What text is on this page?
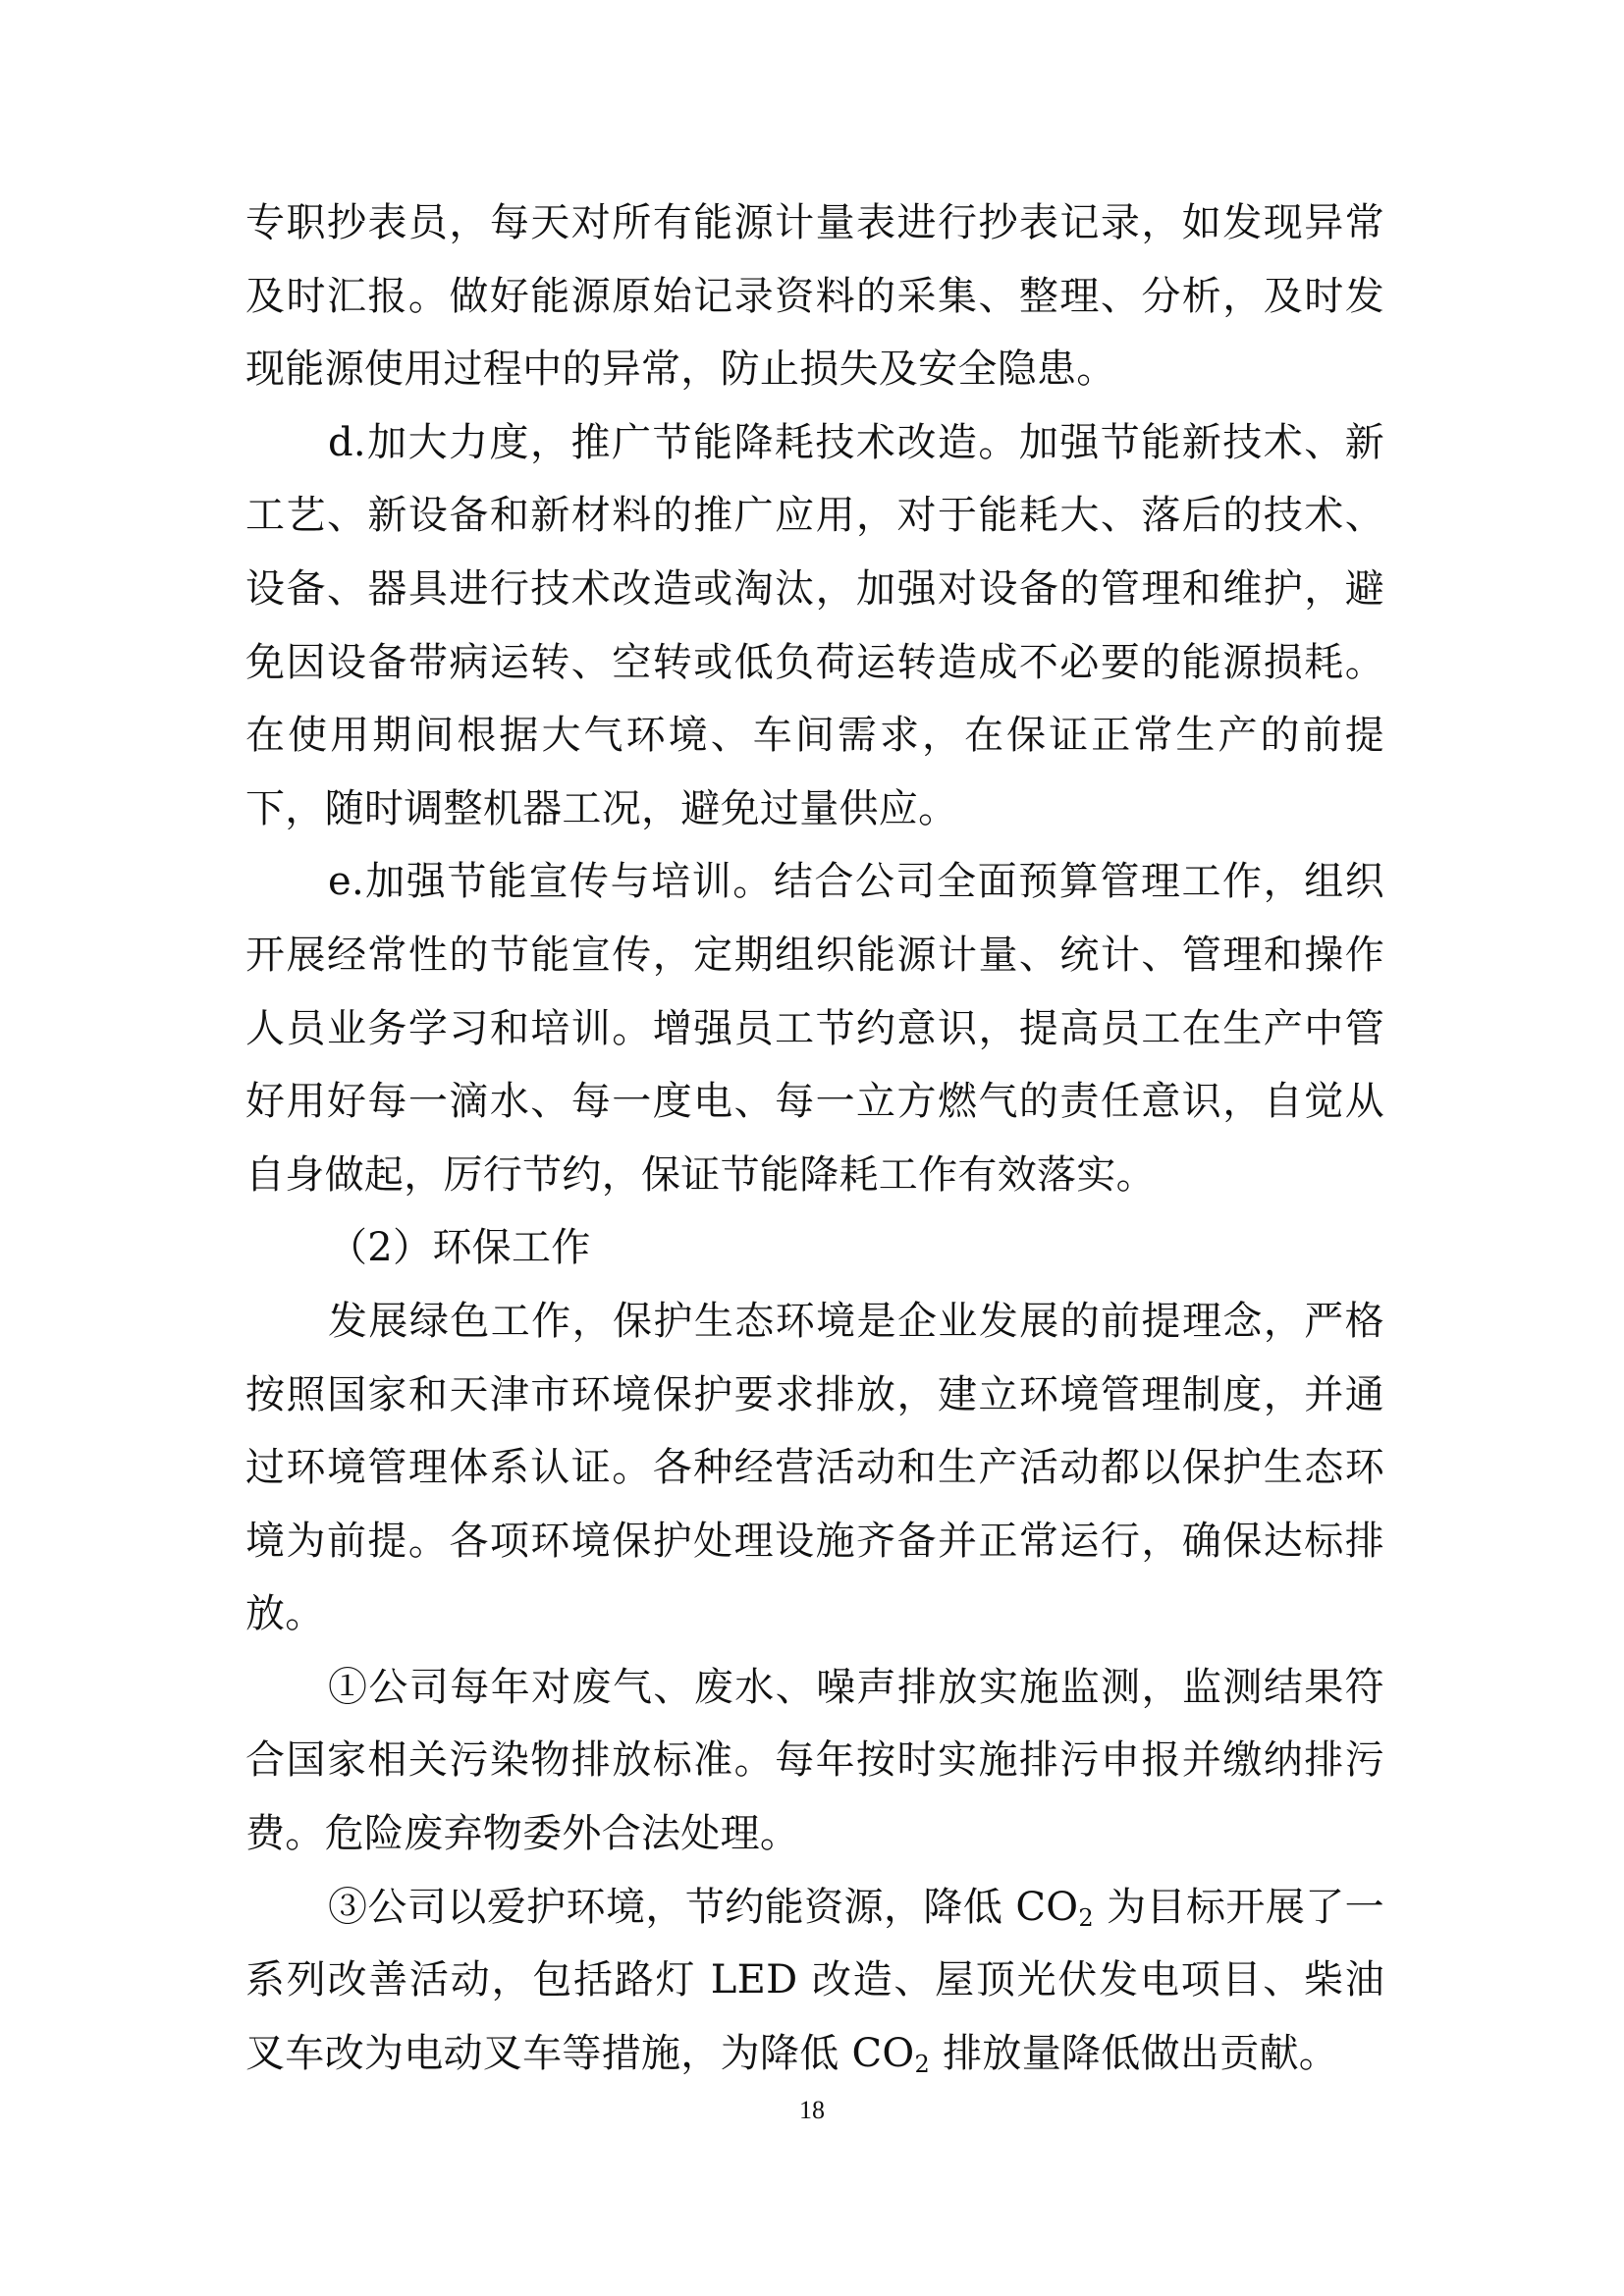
专职抄表员，每天对所有能源计量表进行抄表记录，如发现异常及时汇报。做好能源原始记录资料的采集、整理、分析，及时发现能源使用过程中的异常，防止损失及安全隐患。

d.加大力度，推广节能降耗技术改造。加强节能新技术、新工艺、新设备和新材料的推广应用，对于能耗大、落后的技术、设备、器具进行技术改造或淘汰，加强对设备的管理和维护，避免因设备带病运转、空转或低负荷运转造成不必要的能源损耗。在使用期间根据大气环境、车间需求，在保证正常生产的前提下，随时调整机器工况，避免过量供应。

e.加强节能宣传与培训。结合公司全面预算管理工作，组织开展经常性的节能宣传，定期组织能源计量、统计、管理和操作人员业务学习和培训。增强员工节约意识，提高员工在生产中管好用好每一滴水、每一度电、每一立方燃气的责任意识，自觉从自身做起，厉行节约，保证节能降耗工作有效落实。

（2）环保工作

发展绿色工作，保护生态环境是企业发展的前提理念，严格按照国家和天津市环境保护要求排放，建立环境管理制度，并通过环境管理体系认证。各种经营活动和生产活动都以保护生态环境为前提。各项环境保护处理设施齐备并正常运行，确保达标排放。

①公司每年对废气、废水、噪声排放实施监测，监测结果符合国家相关污染物排放标准。每年按时实施排污申报并缴纳排污费。危险废弃物委外合法处理。

③公司以爱护环境，节约能资源，降低 $CO_2$ 为目标开展了一系列改善活动，包括路灯 LED 改造、屋顶光伏发电项目、柴油叉车改为电动叉车等措施，为降低 $CO_2$ 排放量降低做出贡献。

18
